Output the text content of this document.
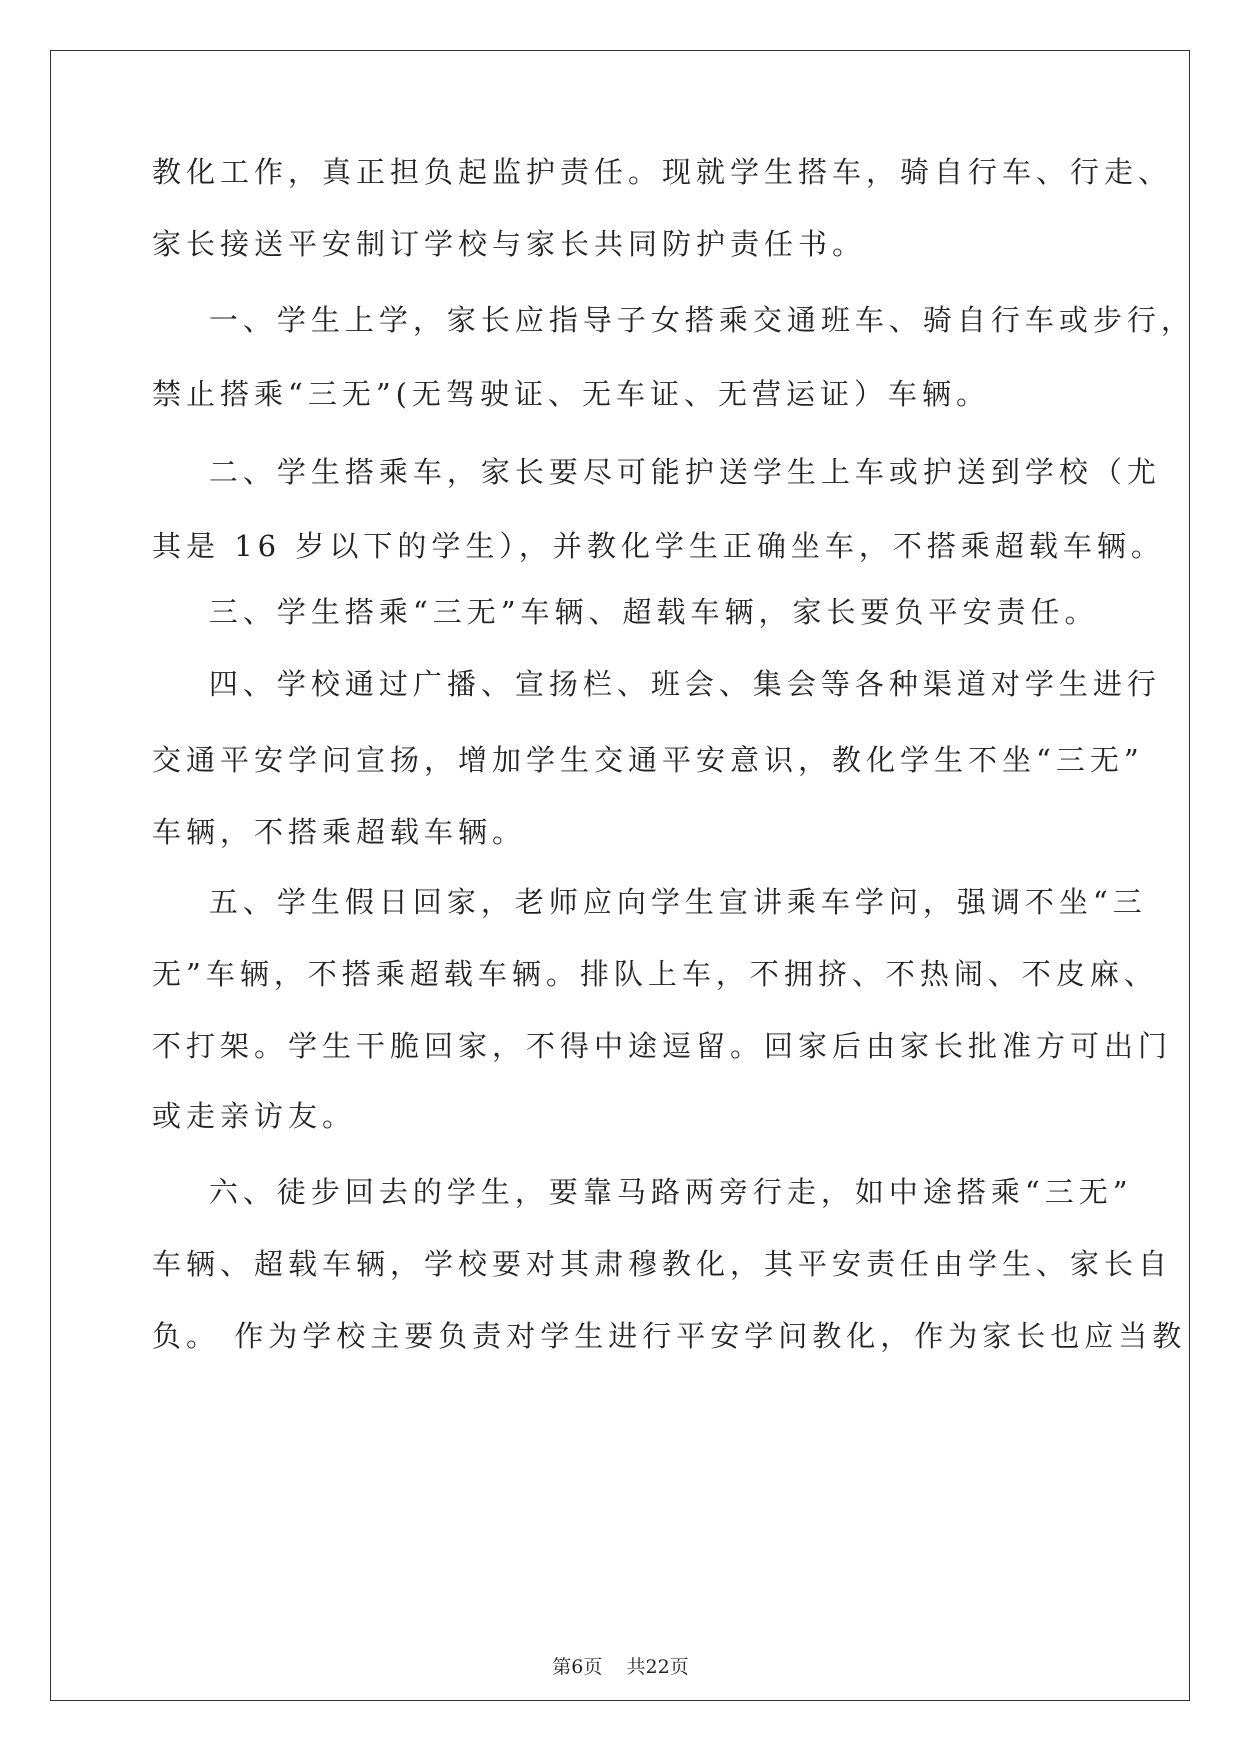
教化工作，真正担负起监护责任。现就学生搭车，骑自行车、行走、
家长接送平安制订学校与家长共同防护责任书。
一、学生上学，家长应指导子女搭乘交通班车、骑自行车或步行，
禁止搭乘“三无”(无驾驶证、无车证、无营运证）车辆。
二、学生搭乘车，家长要尽可能护送学生上车或护送到学校（尤
其是 16 岁以下的学生），并教化学生正确坐车，不搭乘超载车辆。
三、学生搭乘“三无”车辆、超载车辆，家长要负平安责任。
四、学校通过广播、宣扬栏、班会、集会等各种渠道对学生进行
交通平安学问宣扬，增加学生交通平安意识，教化学生不坐“三无”
车辆，不搭乘超载车辆。
五、学生假日回家，老师应向学生宣讲乘车学问，强调不坐“三
无”车辆，不搭乘超载车辆。排队上车，不拥挤、不热闹、不皮麻、
不打架。学生干脆回家，不得中途逗留。回家后由家长批准方可出门
或走亲访友。
六、徒步回去的学生，要靠马路两旁行走，如中途搭乘“三无”
车辆、超载车辆，学校要对其肃穆教化，其平安责任由学生、家长自
负。 作为学校主要负责对学生进行平安学问教化，作为家长也应当教
第6页    共22页
